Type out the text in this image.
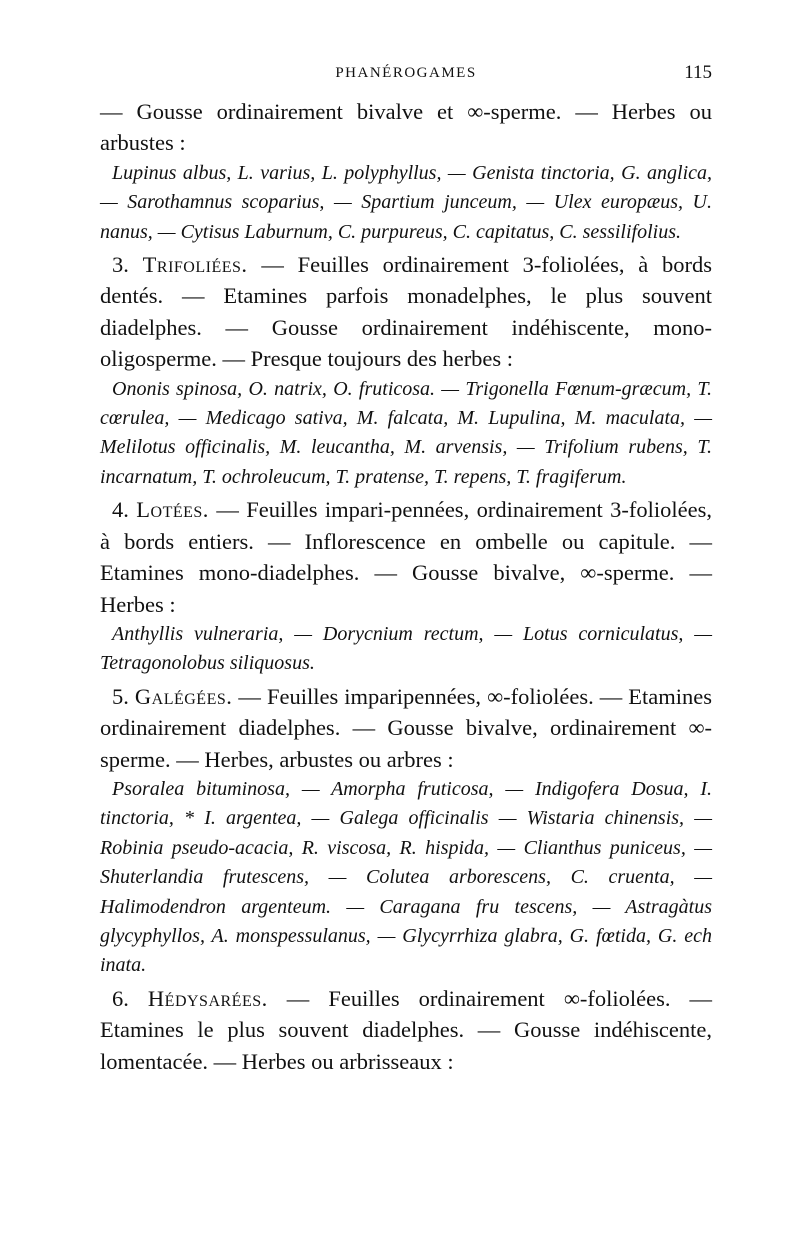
PHANÉROGAMES	115

— Gousse ordinairement bivalve et ∞-sperme. — Herbes ou arbustes :

Lupinus albus, L. varius, L. polyphyllus, — Genista tinctoria, G. anglica, — Sarothamnus scoparius, — Spartium junceum, — Ulex europæus, U. nanus, — Cytisus Laburnum, C. purpureus, C. capitatus, C. sessilifolius.

3. Trifoliées. — Feuilles ordinairement 3-foliolées, à bords dentés. — Etamines parfois monadelphes, le plus souvent diadelphes. — Gousse ordinairement indéhiscente, mono-oligosperme. — Presque toujours des herbes :

Ononis spinosa, O. natrix, O. fruticosa. — Trigonella Fœnum-græcum, T. cœrulea, — Medicago sativa, M. falcata, M. Lupulina, M. maculata, — Melilotus officinalis, M. leucantha, M. arvensis, — Trifolium rubens, T. incarnatum, T. ochroleucum, T. pratense, T. repens, T. fragiferum.

4. Lotées. — Feuilles impari-pennées, ordinairement 3-foliolées, à bords entiers. — Inflorescence en ombelle ou capitule. — Etamines mono-diadelphes. — Gousse bivalve, ∞-sperme. — Herbes :

Anthyllis vulneraria, — Dorycnium rectum, — Lotus corniculatus, — Tetragonolobus siliquosus.

5. Galégées. — Feuilles imparipennées, ∞-foliolées. — Etamines ordinairement diadelphes. — Gousse bivalve, ordinairement ∞-sperme. — Herbes, arbustes ou arbres :

Psoralea bituminosa, — Amorpha fruticosa, — Indigofera Dosua, I. tinctoria, * I. argentea, — Galega officinalis — Wistaria chinensis, — Robinia pseudo-acacia, R. viscosa, R. hispida, — Clianthus puniceus, — Shuterlandia frutescens, — Colutea arborescens, C. cruenta, — Halimodendron argenteum. — Caragana fru tescens, — Astragàtus glycyphyllos, A. monspessulanus, — Glycyrrhiza glabra, G. fœtida, G. ech inata.

6. Hédysarées. — Feuilles ordinairement ∞-foliolées. — Etamines le plus souvent diadelphes. — Gousse indéhiscente, lomentacée. — Herbes ou arbrisseaux :
